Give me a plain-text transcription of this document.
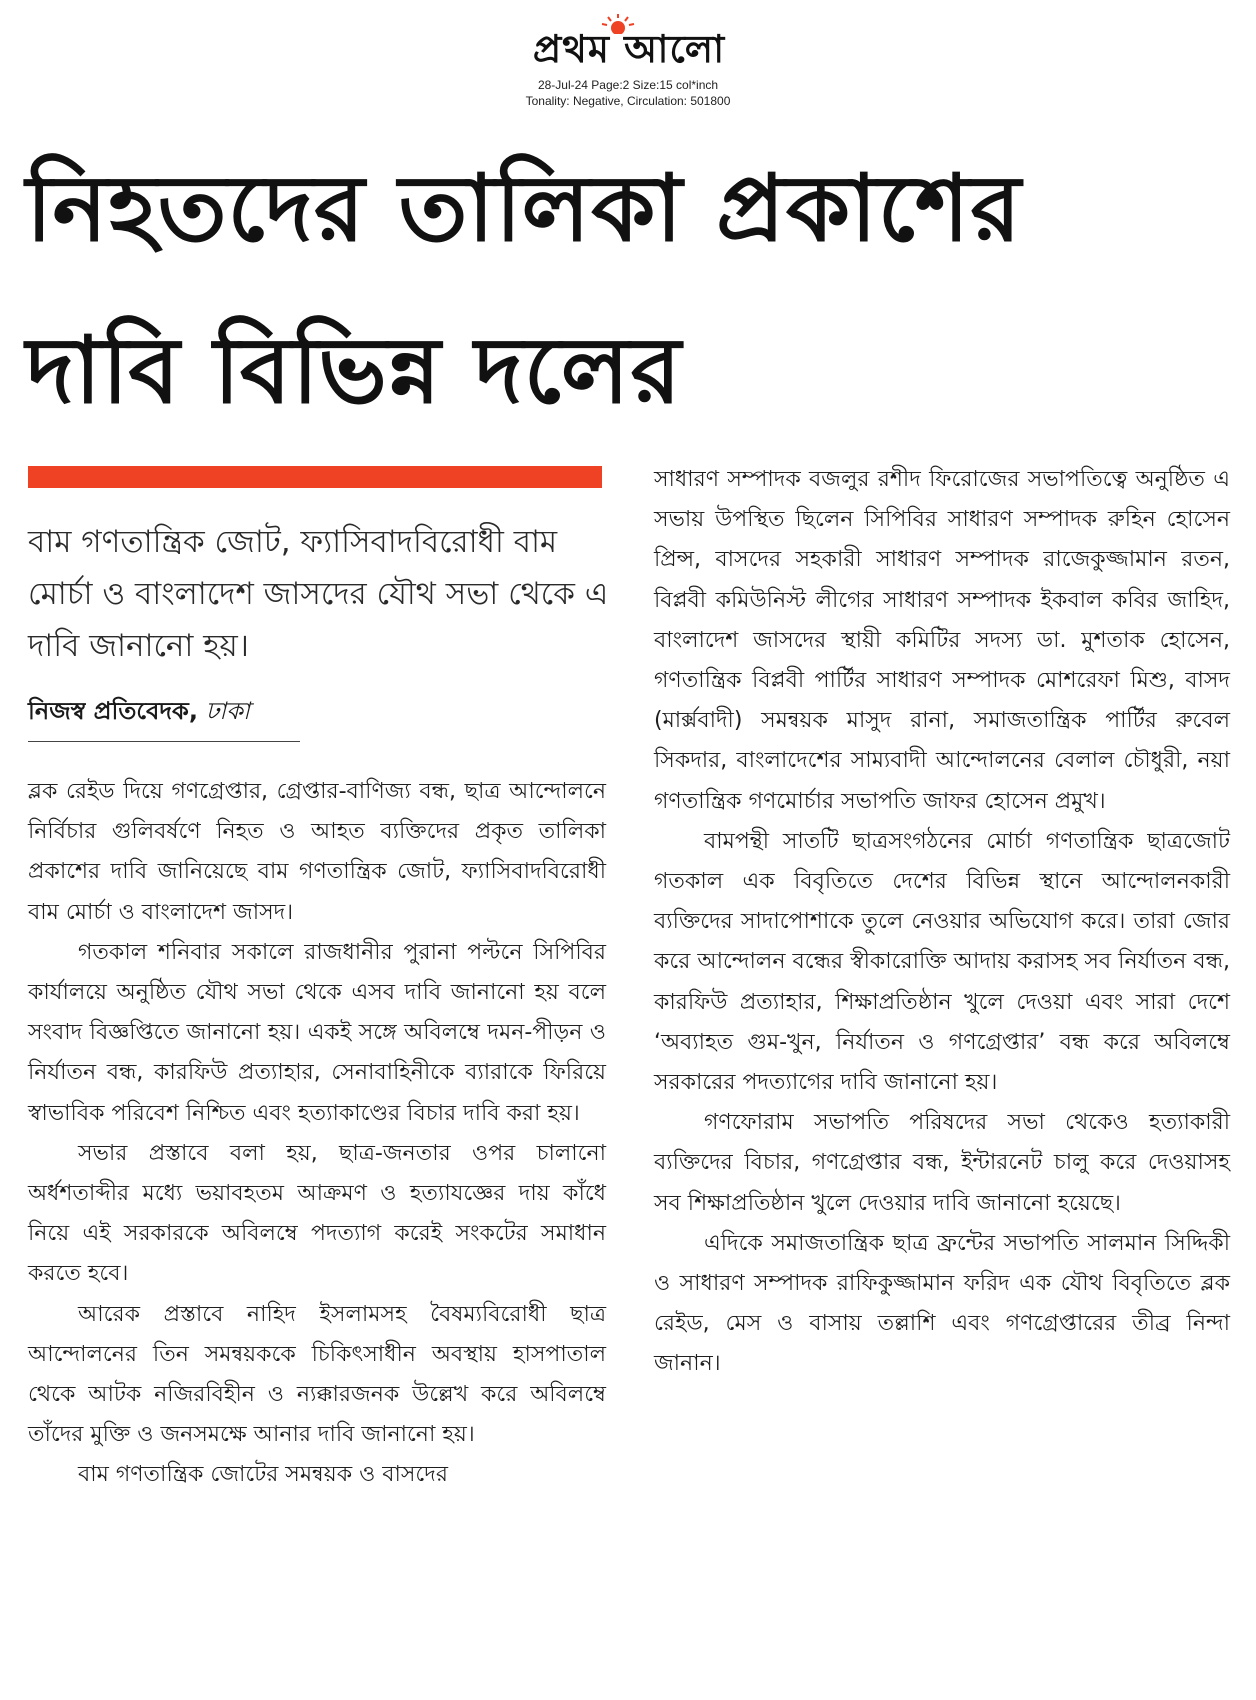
প্রথম আলো
28-Jul-24 Page:2 Size:15 col*inch
Tonality: Negative, Circulation: 501800
নিহতদের তালিকা প্রকাশের
দাবি বিভিন্ন দলের
বাম গণতান্ত্রিক জোট, ফ্যাসিবাদবিরোধী বাম মোর্চা ও বাংলাদেশ জাসদের যৌথ সভা থেকে এ দাবি জানানো হয়।
নিজস্ব প্রতিবেদক, ঢাকা

ব্লক রেইড দিয়ে গণগ্রেপ্তার, গ্রেপ্তার-বাণিজ্য বন্ধ, ছাত্র আন্দোলনে নির্বিচার গুলিবর্ষণে নিহত ও আহত ব্যক্তিদের প্রকৃত তালিকা প্রকাশের দাবি জানিয়েছে বাম গণতান্ত্রিক জোট, ফ্যাসিবাদবিরোধী বাম মোর্চা ও বাংলাদেশ জাসদ।

গতকাল শনিবার সকালে রাজধানীর পুরানা পল্টনে সিপিবির কার্যালয়ে অনুষ্ঠিত যৌথ সভা থেকে এসব দাবি জানানো হয় বলে সংবাদ বিজ্ঞপ্তিতে জানানো হয়। একই সঙ্গে অবিলম্বে দমন-পীড়ন ও নির্যাতন বন্ধ, কারফিউ প্রত্যাহার, সেনাবাহিনীকে ব্যারাকে ফিরিয়ে স্বাভাবিক পরিবেশ নিশ্চিত এবং হত্যাকাণ্ডের বিচার দাবি করা হয়।

সভার প্রস্তাবে বলা হয়, ছাত্র-জনতার ওপর চালানো অর্ধশতাব্দীর মধ্যে ভয়াবহতম আক্রমণ ও হত্যাযজ্ঞের দায় কাঁধে নিয়ে এই সরকারকে অবিলম্বে পদত্যাগ করেই সংকটের সমাধান করতে হবে।

আরেক প্রস্তাবে নাহিদ ইসলামসহ বৈষম্যবিরোধী ছাত্র আন্দোলনের তিন সমন্বয়ককে চিকিৎসাধীন অবস্থায় হাসপাতাল থেকে আটক নজিরবিহীন ও ন্যক্কারজনক উল্লেখ করে অবিলম্বে তাঁদের মুক্তি ও জনসমক্ষে আনার দাবি জানানো হয়।

বাম গণতান্ত্রিক জোটের সমন্বয়ক ও বাসদের

সাধারণ সম্পাদক বজলুর রশীদ ফিরোজের সভাপতিত্বে অনুষ্ঠিত এ সভায় উপস্থিত ছিলেন সিপিবির সাধারণ সম্পাদক রুহিন হোসেন প্রিন্স, বাসদের সহকারী সাধারণ সম্পাদক রাজেকুজ্জামান রতন, বিপ্লবী কমিউনিস্ট লীগের সাধারণ সম্পাদক ইকবাল কবির জাহিদ, বাংলাদেশ জাসদের স্থায়ী কমিটির সদস্য ডা. মুশতাক হোসেন, গণতান্ত্রিক বিপ্লবী পার্টির সাধারণ সম্পাদক মোশরেফা মিশু, বাসদ (মার্ক্সবাদী) সমন্বয়ক মাসুদ রানা, সমাজতান্ত্রিক পার্টির রুবেল সিকদার, বাংলাদেশের সাম্যবাদী আন্দোলনের বেলাল চৌধুরী, নয়া গণতান্ত্রিক গণমোর্চার সভাপতি জাফর হোসেন প্রমুখ।

বামপন্থী সাতটি ছাত্রসংগঠনের মোর্চা গণতান্ত্রিক ছাত্রজোট গতকাল এক বিবৃতিতে দেশের বিভিন্ন স্থানে আন্দোলনকারী ব্যক্তিদের সাদাপোশাকে তুলে নেওয়ার অভিযোগ করে। তারা জোর করে আন্দোলন বন্ধের স্বীকারোক্তি আদায় করাসহ সব নির্যাতন বন্ধ, কারফিউ প্রত্যাহার, শিক্ষাপ্রতিষ্ঠান খুলে দেওয়া এবং সারা দেশে ‘অব্যাহত গুম-খুন, নির্যাতন ও গণগ্রেপ্তার’ বন্ধ করে অবিলম্বে সরকারের পদত্যাগের দাবি জানানো হয়।

গণফোরাম সভাপতি পরিষদের সভা থেকেও হত্যাকারী ব্যক্তিদের বিচার, গণগ্রেপ্তার বন্ধ, ইন্টারনেট চালু করে দেওয়াসহ সব শিক্ষাপ্রতিষ্ঠান খুলে দেওয়ার দাবি জানানো হয়েছে।

এদিকে সমাজতান্ত্রিক ছাত্র ফ্রন্টের সভাপতি সালমান সিদ্দিকী ও সাধারণ সম্পাদক রাফিকুজ্জামান ফরিদ এক যৌথ বিবৃতিতে ব্লক রেইড, মেস ও বাসায় তল্লাশি এবং গণগ্রেপ্তারের তীব্র নিন্দা জানান।
